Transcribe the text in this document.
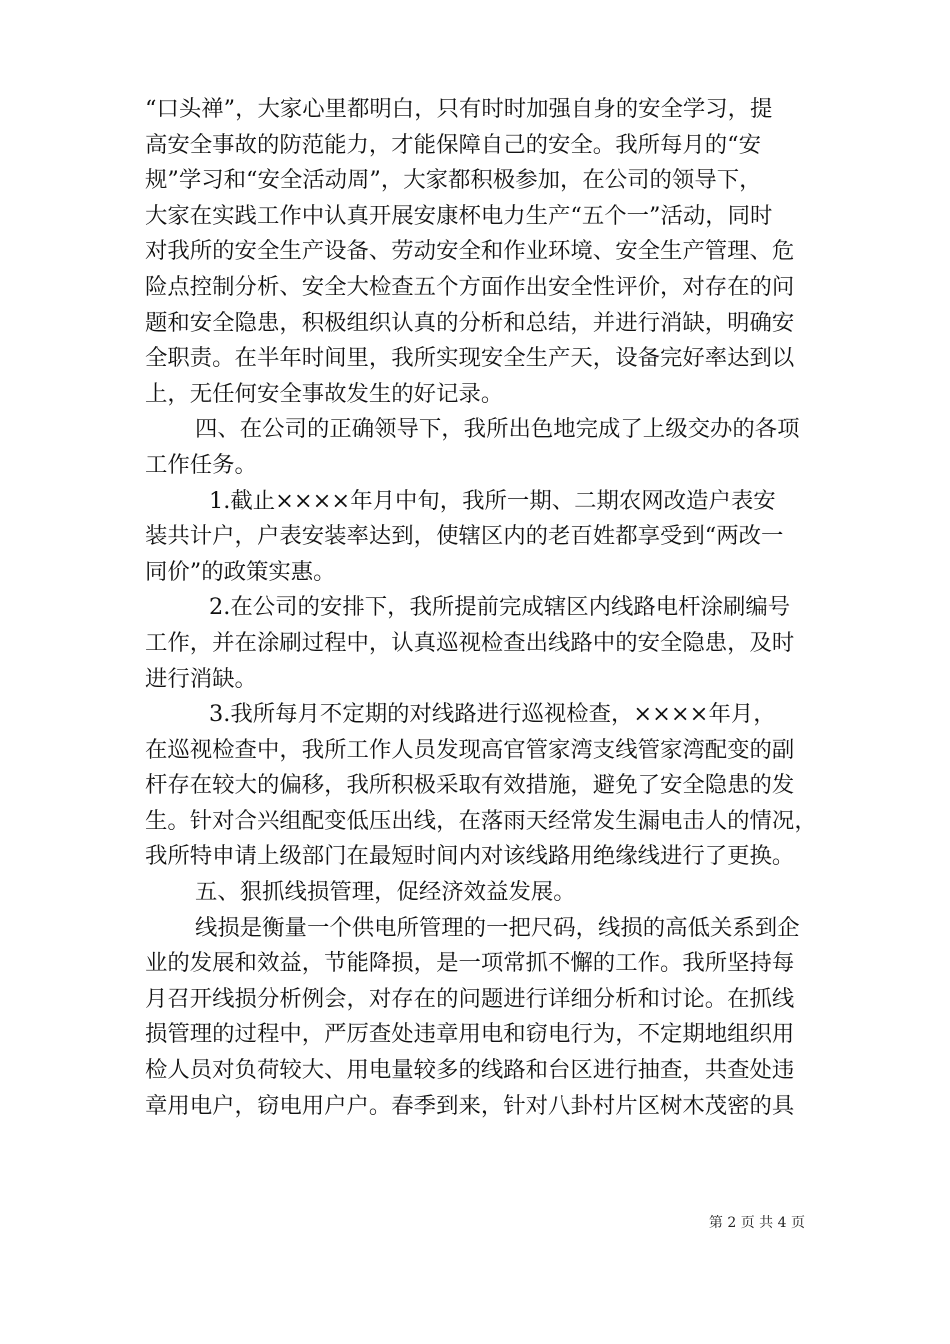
“口头禅”，大家心里都明白，只有时时加强自身的安全学习，提

高安全事故的防范能力，才能保障自己的安全。我所每月的“安

规”学习和“安全活动周”，大家都积极参加，在公司的领导下，

大家在实践工作中认真开展安康杯电力生产“五个一”活动，同时

对我所的安全生产设备、劳动安全和作业环境、安全生产管理、危

险点控制分析、安全大检查五个方面作出安全性评价，对存在的问

题和安全隐患，积极组织认真的分析和总结，并进行消缺，明确安

全职责。在半年时间里，我所实现安全生产天，设备完好率达到以

上，无任何安全事故发生的好记录。

四、在公司的正确领导下，我所出色地完成了上级交办的各项

工作任务。

1.截止××××年月中旬，我所一期、二期农网改造户表安

装共计户，户表安装率达到，使辖区内的老百姓都享受到“两改一

同价”的政策实惠。

2.在公司的安排下，我所提前完成辖区内线路电杆涂刷编号

工作，并在涂刷过程中，认真巡视检查出线路中的安全隐患，及时

进行消缺。

3.我所每月不定期的对线路进行巡视检查，××××年月，

在巡视检查中，我所工作人员发现高官管家湾支线管家湾配变的副

杆存在较大的偏移，我所积极采取有效措施，避免了安全隐患的发

生。针对合兴组配变低压出线，在落雨天经常发生漏电击人的情况，

我所特申请上级部门在最短时间内对该线路用绝缘线进行了更换。

五、狠抓线损管理，促经济效益发展。

线损是衡量一个供电所管理的一把尺码，线损的高低关系到企

业的发展和效益，节能降损，是一项常抓不懈的工作。我所坚持每

月召开线损分析例会，对存在的问题进行详细分析和讨论。在抓线

损管理的过程中，严厉查处违章用电和窃电行为，不定期地组织用

检人员对负荷较大、用电量较多的线路和台区进行抽查，共查处违

章用电户，窃电用户户。春季到来，针对八卦村片区树木茂密的具

第 2 页 共 4 页
